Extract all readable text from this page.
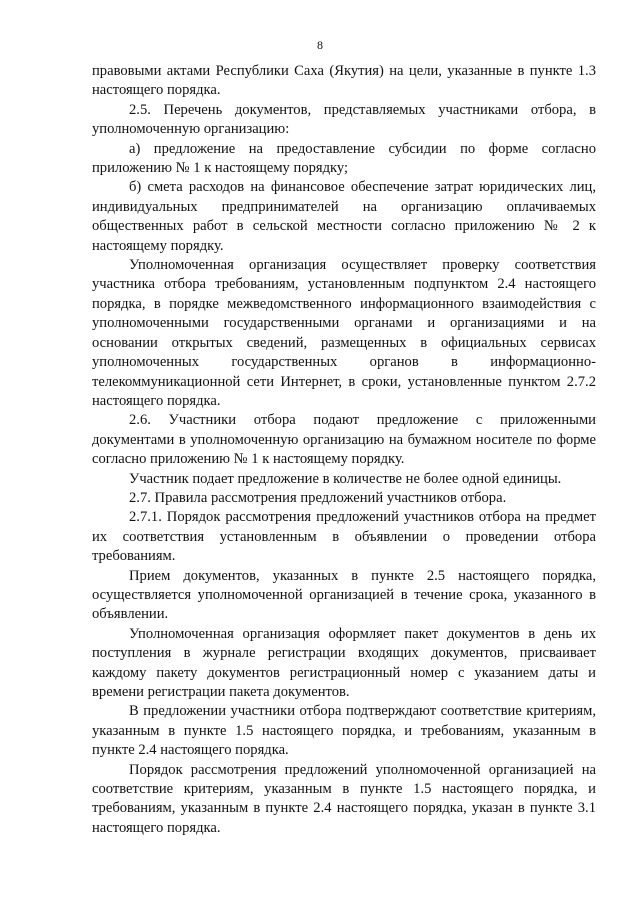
8

правовыми актами Республики Саха (Якутия) на цели, указанные в пункте 1.3 настоящего порядка.

2.5. Перечень документов, представляемых участниками отбора, в уполномоченную организацию:

а) предложение на предоставление субсидии по форме согласно приложению № 1 к настоящему порядку;

б) смета расходов на финансовое обеспечение затрат юридических лиц, индивидуальных предпринимателей на организацию оплачиваемых общественных работ в сельской местности согласно приложению № 2 к настоящему порядку.

Уполномоченная организация осуществляет проверку соответствия участника отбора требованиям, установленным подпунктом 2.4 настоящего порядка, в порядке межведомственного информационного взаимодействия с уполномоченными государственными органами и организациями и на основании открытых сведений, размещенных в официальных сервисах уполномоченных государственных органов в информационно-телекоммуникационной сети Интернет, в сроки, установленные пунктом 2.7.2 настоящего порядка.

2.6. Участники отбора подают предложение с приложенными документами в уполномоченную организацию на бумажном носителе по форме согласно приложению № 1 к настоящему порядку.

Участник подает предложение в количестве не более одной единицы.

2.7. Правила рассмотрения предложений участников отбора.

2.7.1. Порядок рассмотрения предложений участников отбора на предмет их соответствия установленным в объявлении о проведении отбора требованиям.

Прием документов, указанных в пункте 2.5 настоящего порядка, осуществляется уполномоченной организацией в течение срока, указанного в объявлении.

Уполномоченная организация оформляет пакет документов в день их поступления в журнале регистрации входящих документов, присваивает каждому пакету документов регистрационный номер с указанием даты и времени регистрации пакета документов.

В предложении участники отбора подтверждают соответствие критериям, указанным в пункте 1.5 настоящего порядка, и требованиям, указанным в пункте 2.4 настоящего порядка.

Порядок рассмотрения предложений уполномоченной организацией на соответствие критериям, указанным в пункте 1.5 настоящего порядка, и требованиям, указанным в пункте 2.4 настоящего порядка, указан в пункте 3.1 настоящего порядка.
